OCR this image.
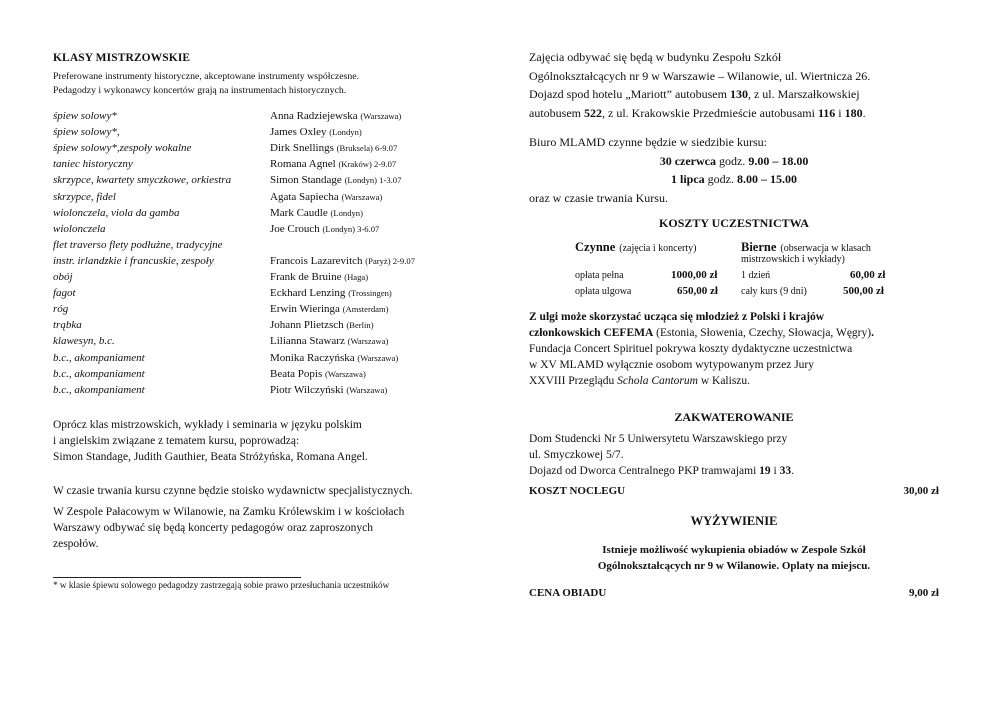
KLASY MISTRZOWSKIE
Preferowane instrumenty historyczne, akceptowane instrumenty współczesne.
Pedagodzy i wykonawcy koncertów grają na instrumentach historycznych.
śpiew solowy*	Anna Radziejewska (Warszawa)
śpiew solowy*,	James Oxley (Londyn)
śpiew solowy*,zespoły wokalne	Dirk Snellings (Bruksela) 6-9.07
taniec historyczny	Romana Agnel (Kraków) 2-9.07
skrzypce, kwartety smyczkowe, orkiestra	Simon Standage (Londyn) 1-3.07
skrzypce, fidel	Agata Sapiecha (Warszawa)
wiolonczela, viola da gamba	Mark Caudle (Londyn)
wiolonczela	Joe Crouch (Londyn) 3-6.07
flet traverso flety podłużne, tradycyjne
instr. irlandzkie i francuskie, zespoły	Francois Lazarevitch (Paryż) 2-9.07
obój	Frank de Bruine (Haga)
fagot	Eckhard Lenzing (Trossingen)
róg	Erwin Wieringa (Amsterdam)
trąbka	Johann Plietzsch (Berlin)
klawesyn, b.c.	Lilianna Stawarz (Warszawa)
b.c., akompaniament	Monika Raczyńska (Warszawa)
b.c., akompaniament	Beata Popis (Warszawa)
b.c., akompaniament	Piotr Wilczyński (Warszawa)
Oprócz klas mistrzowskich, wykłady i seminaria w języku polskim
i angielskim związane z tematem kursu, poprowadzą:
Simon Standage, Judith Gauthier, Beata Stróżyńska, Romana Angel.
W czasie trwania kursu czynne będzie stoisko wydawnictw specjalistycznych.
W Zespole Pałacowym w Wilanowie, na Zamku Królewskim i w kościołach
Warszawy odbywać się będą koncerty pedagogów oraz zaproszonych
zespołów.
* w klasie śpiewu solowego pedagodzy zastrzegają sobie prawo przesłuchania uczestników
Zajęcia odbywać się będą w budynku Zespołu Szkół
Ogólnokształcących nr 9 w Warszawie – Wilanowie, ul. Wiertnicza 26.
Dojazd spod hotelu „Mariott” autobusem 130, z ul. Marszałkowskiej
autobusem 522, z ul. Krakowskie Przedmieście autobusami 116 i 180.
Biuro MLAMD czynne będzie w siedzibie kursu:
30 czerwca godz. 9.00 – 18.00
1 lipca godz. 8.00 – 15.00
oraz w czasie trwania Kursu.
KOSZTY UCZESTNICTWA
Czynne (zajęcia i koncerty)	Bierne (obserwacja w klasach
mistrzowskich i wykłady)
opłata pełna	1000,00 zł
opłata ulgowa	650,00 zł
1 dzień	60,00 zł
cały kurs (9 dni)	500,00 zł
Z ulgi może skorzystać ucząca się młodzież z Polski i krajów
członkowskich CEFEMA (Estonia, Słowenia, Czechy, Słowacja, Węgry).
Fundacja Concert Spirituel pokrywa koszty dydaktyczne uczestnictwa
w XV MLAMD wyłącznie osobom wytypowanym przez Jury
XXVIII Przeglądu Schola Cantorum w Kaliszu.
ZAKWATEROWANIE
Dom Studencki Nr 5 Uniwersytetu Warszawskiego przy
ul. Smyczkowej 5/7.
Dojazd od Dworca Centralnego PKP tramwajami 19 i 33.
KOSZT NOCLEGU	30,00 zł
WYŻYWIENIE
Istnieje możliwość wykupienia obiadów w Zespole Szkół
Ogólnokształcących nr 9 w Wilanowie. Oplaty na miejscu.
CENA OBIADU	9,00 zł
